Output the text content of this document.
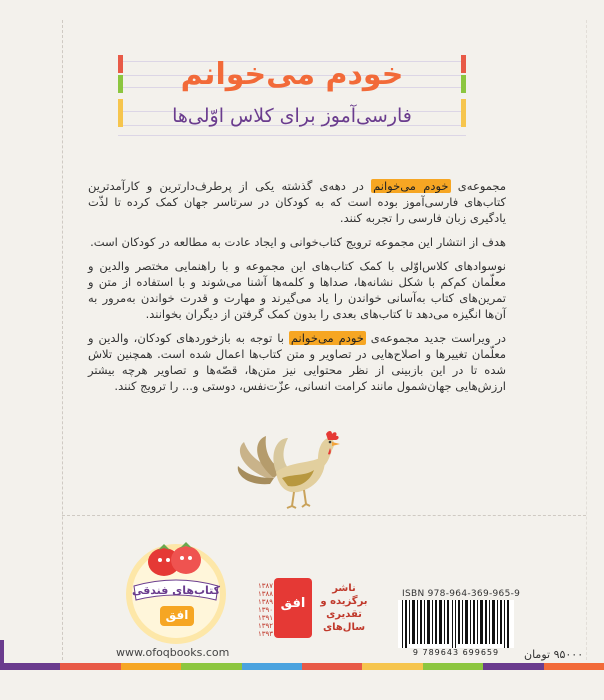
خودم می‌خوانم
فارسی‌آموز برای کلاس اوّلی‌ها

مجموعه‌ی خودم می‌خوانم در دهه‌ی گذشته یکی از پرطرف‌دارترین و کارآمدترین کتاب‌های فارسی‌آموز بوده است که به کودکان در سرتاسر جهان کمک کرده تا لذّت یادگیری زبان فارسی را تجربه کنند.

هدف از انتشار این مجموعه ترویج کتاب‌خوانی و ایجاد عادت به مطالعه در کودکان است.

نوسوادهای کلاس‌اوّلی با کمک کتاب‌های این مجموعه و با راهنمایی مختصر والدین و معلّمان کم‌کم با شکل نشانه‌ها، صداها و کلمه‌ها آشنا می‌شوند و با استفاده از متن و تمرین‌های کتاب به‌آسانی خواندن را یاد می‌گیرند و مهارت و قدرت خواندن به‌مرور به آن‌ها انگیزه می‌دهد تا کتاب‌های بعدی را بدون کمک گرفتن از دیگران بخوانند.

در ویراست جدید مجموعه‌ی خودم می‌خوانم با توجه به بازخوردهای کودکان، والدین و معلّمان تغییرها و اصلاح‌هایی در تصاویر و متن کتاب‌ها اعمال شده است. همچنین تلاش شده تا در این بازبینی از نظر محتوایی نیز متن‌ها، قصّه‌ها و تصاویر هرچه بیشتر ارزش‌هایی جهان‌شمول مانند کرامت انسانی، عزّت‌نفس، دوستی و... را ترویج کنند.

کتاب‌های فندقی
افق
www.ofoqbooks.com
۱۳۸۷ ۱۳۸۸ ۱۳۸۹ ۱۳۹۰ ۱۳۹۱ ۱۳۹۲ ۱۳۹۳
افق
ناشر برگزیده و تقدیری سال‌های
ISBN 978-964-369-965-9
9 789643 699659	۹۵۰۰۰ تومان
